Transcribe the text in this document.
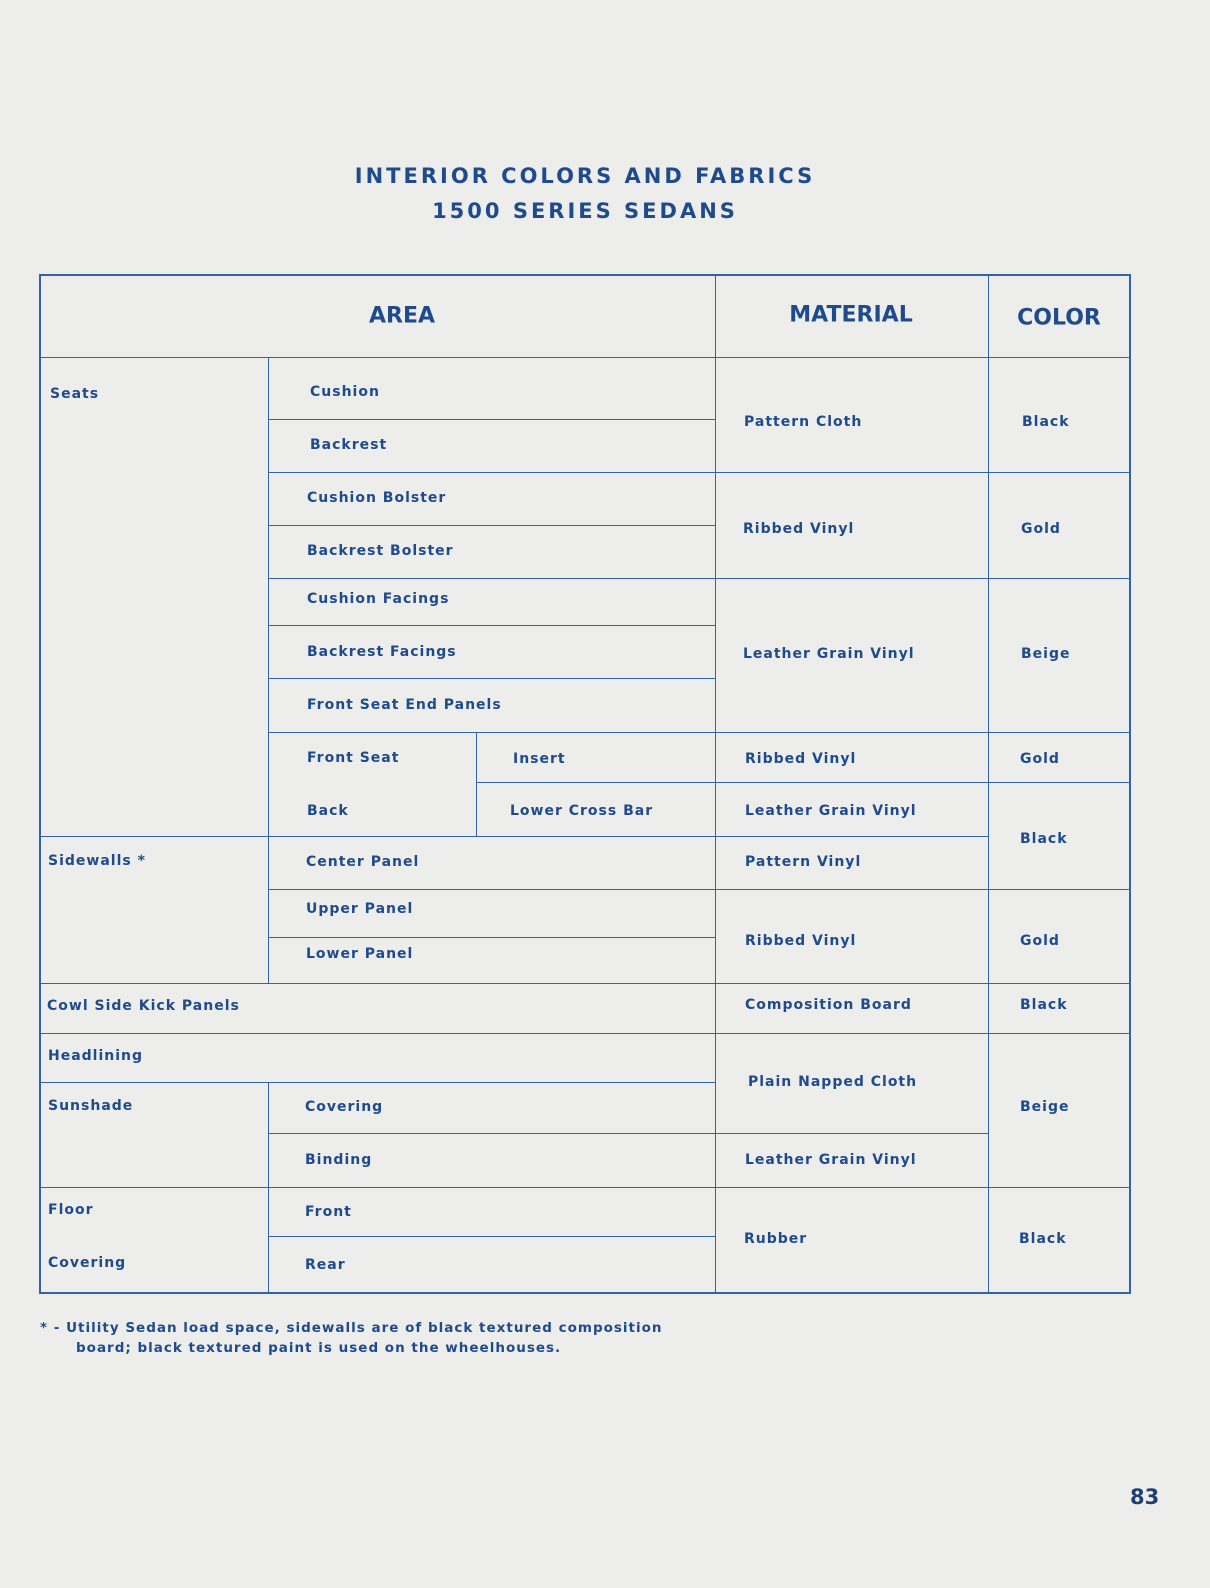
INTERIOR COLORS AND FABRICS
1500 SERIES SEDANS
AREA	MATERIAL	COLOR
Seats
Sidewalls *
Cowl Side Kick Panels
Headlining
Sunshade
Floor
Covering
Cushion
Backrest
Cushion Bolster
Backrest Bolster
Cushion Facings
Backrest Facings
Front Seat End Panels
Front Seat
Back
Insert
Lower Cross Bar
Center Panel
Upper Panel
Lower Panel
Covering
Binding
Front
Rear
Pattern Cloth
Ribbed Vinyl
Leather Grain Vinyl
Ribbed Vinyl
Leather Grain Vinyl
Pattern Vinyl
Ribbed Vinyl
Composition Board
Plain Napped Cloth
Leather Grain Vinyl
Rubber
Black
Gold
Beige
Gold
Black
Gold
Black
Beige
Black
* - Utility Sedan load space, sidewalls are of black textured composition
board; black textured paint is used on the wheelhouses.
83
